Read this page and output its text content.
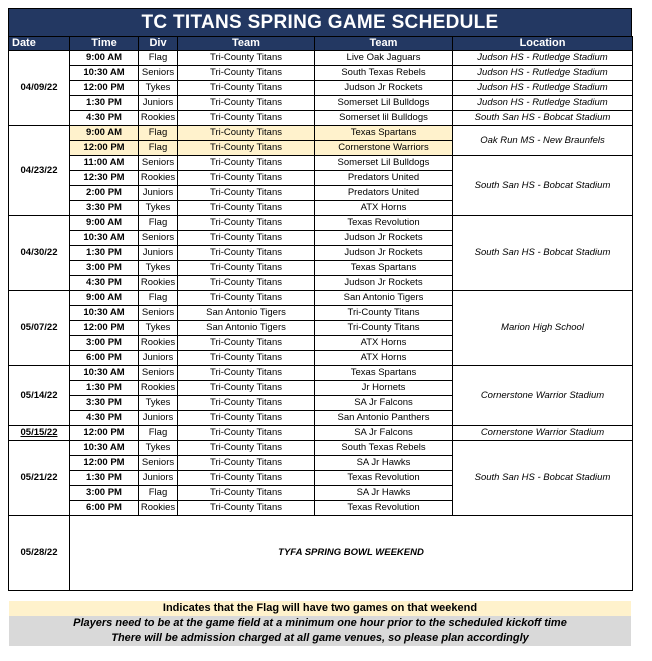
TC TITANS SPRING GAME SCHEDULE
Date	Time	Div	Team	Team	Location
04/09/22	9:00 AM	Flag	Tri-County Titans	Live Oak Jaguars	Judson HS - Rutledge Stadium
	10:30 AM	Seniors	Tri-County Titans	South Texas Rebels	Judson HS - Rutledge Stadium
	12:00 PM	Tykes	Tri-County Titans	Judson Jr Rockets	Judson HS - Rutledge Stadium
	1:30 PM	Juniors	Tri-County Titans	Somerset Lil Bulldogs	Judson HS - Rutledge Stadium
	4:30 PM	Rookies	Tri-County Titans	Somerset lil Bulldogs	South San HS - Bobcat Stadium
04/23/22	9:00 AM	Flag	Tri-County Titans	Texas Spartans	Oak Run MS - New Braunfels
	12:00 PM	Flag	Tri-County Titans	Cornerstone Warriors	
	11:00 AM	Seniors	Tri-County Titans	Somerset Lil Bulldogs	South San HS - Bobcat Stadium
	12:30 PM	Rookies	Tri-County Titans	Predators United	
	2:00 PM	Juniors	Tri-County Titans	Predators United	
	3:30 PM	Tykes	Tri-County Titans	ATX Horns	
04/30/22	9:00 AM	Flag	Tri-County Titans	Texas Revolution	South San HS - Bobcat Stadium
	10:30 AM	Seniors	Tri-County Titans	Judson Jr Rockets	
	1:30 PM	Juniors	Tri-County Titans	Judson Jr Rockets	
	3:00 PM	Tykes	Tri-County Titans	Texas Spartans	
	4:30 PM	Rookies	Tri-County Titans	Judson Jr Rockets	
05/07/22	9:00 AM	Flag	Tri-County Titans	San Antonio Tigers	Marion High School
	10:30 AM	Seniors	San Antonio Tigers	Tri-County Titans	
	12:00 PM	Tykes	San Antonio Tigers	Tri-County Titans	
	3:00 PM	Rookies	Tri-County Titans	ATX Horns	
	6:00 PM	Juniors	Tri-County Titans	ATX Horns	
05/14/22	10:30 AM	Seniors	Tri-County Titans	Texas Spartans	Cornerstone Warrior Stadium
	1:30 PM	Rookies	Tri-County Titans	Jr Hornets	
	3:30 PM	Tykes	Tri-County Titans	SA Jr Falcons	
	4:30 PM	Juniors	Tri-County Titans	San Antonio Panthers	
05/15/22	12:00 PM	Flag	Tri-County Titans	SA Jr Falcons	Cornerstone Warrior Stadium
05/21/22	10:30 AM	Tykes	Tri-County Titans	South Texas Rebels	South San HS - Bobcat Stadium
	12:00 PM	Seniors	Tri-County Titans	SA Jr Hawks	
	1:30 PM	Juniors	Tri-County Titans	Texas Revolution	
	3:00 PM	Flag	Tri-County Titans	SA Jr Hawks	
	6:00 PM	Rookies	Tri-County Titans	Texas Revolution	
05/28/22	TYFA SPRING BOWL WEEKEND				
Indicates that the Flag will have two games on that weekend
Players need to be at the game field at a minimum one hour prior to the scheduled kickoff time
There will be admission charged at all game venues, so please plan accordingly
